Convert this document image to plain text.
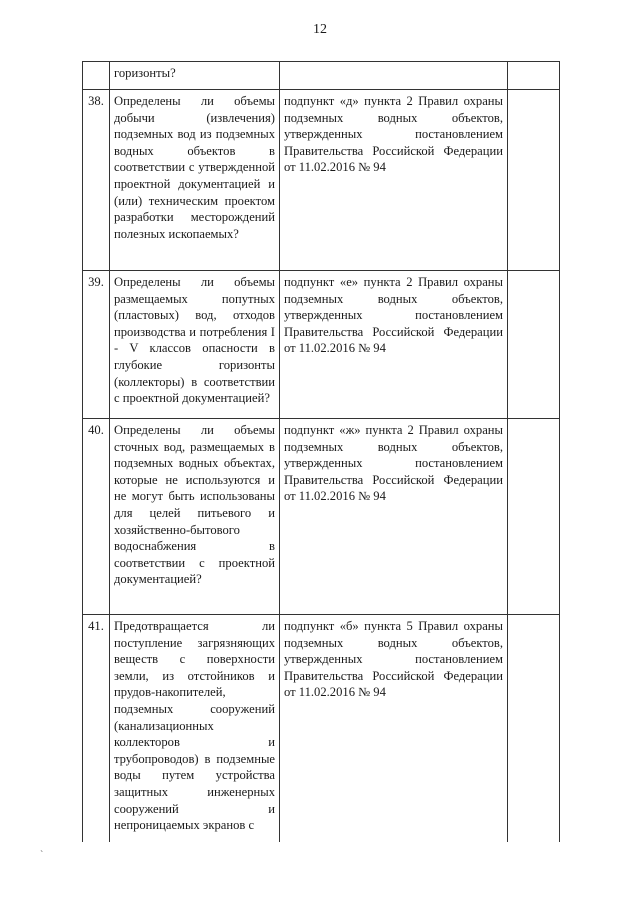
12
	горизонты?		
38.	Определены ли объемы добычи (извлечения) подземных вод из подземных водных объектов в соответствии с утвержденной проектной документацией и (или) техническим проектом разработки месторождений полезных ископаемых?	подпункт «д» пункта 2 Правил охраны подземных водных объектов, утвержденных постановлением Правительства Российской Федерации от 11.02.2016 № 94	
39.	Определены ли объемы размещаемых попутных (пластовых) вод, отходов производства и потребления I - V классов опасности в глубокие горизонты (коллекторы) в соответствии с проектной документацией?	подпункт «е» пункта 2 Правил охраны подземных водных объектов, утвержденных постановлением Правительства Российской Федерации от 11.02.2016 № 94	
40.	Определены ли объемы сточных вод, размещаемых в подземных водных объектах, которые не используются и не могут быть использованы для целей питьевого и хозяйственно-бытового водоснабжения в соответствии с проектной документацией?	подпункт «ж» пункта 2 Правил охраны подземных водных объектов, утвержденных постановлением Правительства Российской Федерации от 11.02.2016 № 94	
41.	Предотвращается ли поступление загрязняющих веществ с поверхности земли, из отстойников и прудов-накопителей, подземных сооружений (канализационных коллекторов и трубопроводов) в подземные воды путем устройства защитных инженерных сооружений и непроницаемых экранов с	подпункт «б» пункта 5 Правил охраны подземных водных объектов, утвержденных постановлением Правительства Российской Федерации от 11.02.2016 № 94	
`
